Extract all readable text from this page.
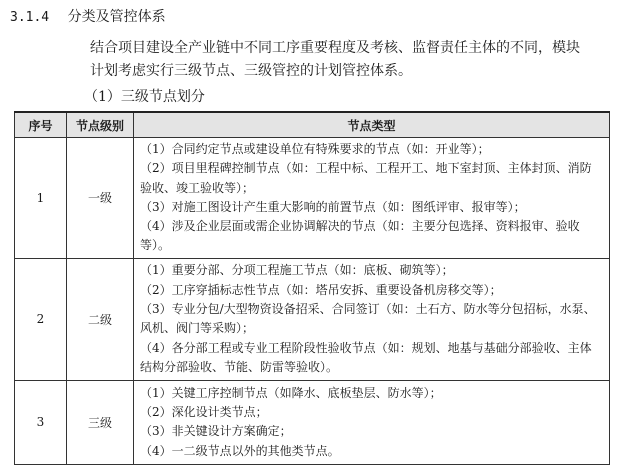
3.1.4 分类及管控体系

结合项目建设全产业链中不同工序重要程度及考核、监督责任主体的不同，模块计划考虑实行三级节点、三级管控的计划管控体系。

（1）三级节点划分
序号	节点级别	节点类型
1	一级	（1）合同约定节点或建设单位有特殊要求的节点（如：开业等）；
（2）项目里程碑控制节点（如：工程中标、工程开工、地下室封顶、主体封顶、消防验收、竣工验收等）；
（3）对施工图设计产生重大影响的前置节点（如：图纸评审、报审等）；
（4）涉及企业层面或需企业协调解决的节点（如：主要分包选择、资料报审、验收等）。

2	二级	（1）重要分部、分项工程施工节点（如：底板、砌筑等）；
（2）工序穿插标志性节点（如：塔吊安拆、重要设备机房移交等）；
（3）专业分包/大型物资设备招采、合同签订（如：土石方、防水等分包招标，水泵、风机、阀门等采购）；
（4）各分部工程或专业工程阶段性验收节点（如：规划、地基与基础分部验收、主体结构分部验收、节能、防雷等验收）。

3	三级	（1）关键工序控制节点（如降水、底板垫层、防水等）；
（2）深化设计类节点；
（3）非关键设计方案确定；
（4）一二级节点以外的其他类节点。
